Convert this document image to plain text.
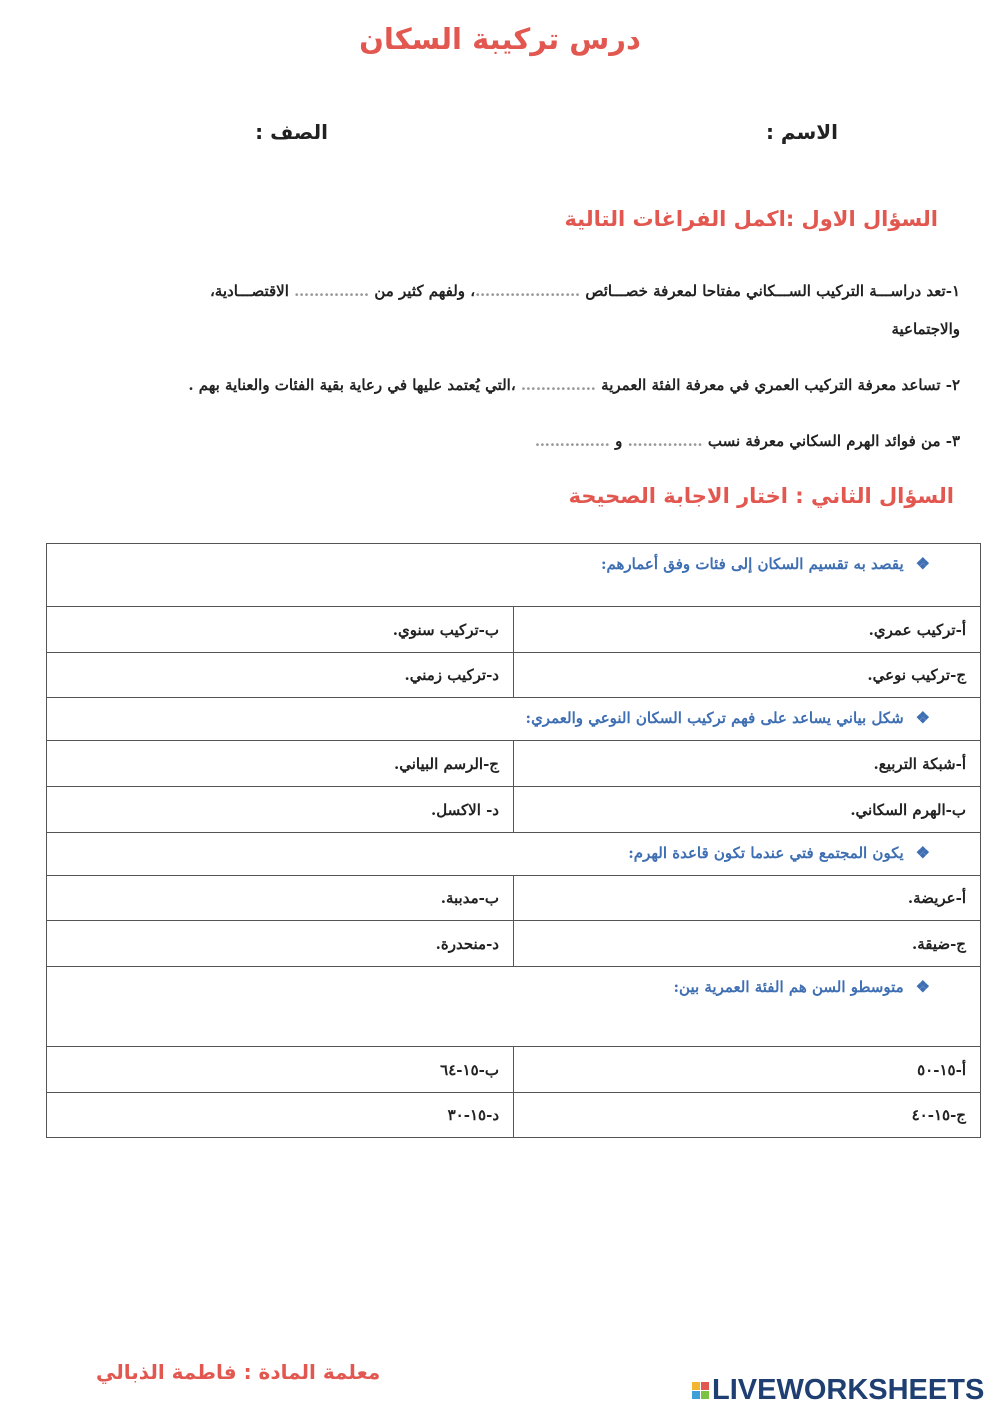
درس تركيبة السكان
الاسم :
الصف :
السؤال الاول :اكمل الفراغات التالية
١-تعد دراســـة التركيب الســـكاني مفتاحا لمعرفة خصـــائص …………………، ولفهم كثير من …………… الاقتصـــادية،
والاجتماعية
٢- تساعد معرفة التركيب العمري في معرفة الفئة العمرية …………… ،التي يُعتمد عليها في رعاية بقية الفئات والعناية بهم .
٣- من فوائد الهرم السكاني معرفة نسب …………… و ……………
السؤال الثاني : اختار الاجابة الصحيحة
❖يقصد به تقسيم السكان إلى فئات وفق أعمارهم:	
أ-تركيب عمري.	ب-تركيب سنوي.
ج-تركيب نوعي.	د-تركيب زمني.
❖شكل بياني يساعد على فهم تركيب السكان النوعي والعمري:	
أ-شبكة التربيع.	ج-الرسم البياني.
ب-الهرم السكاني.	د- الاكسل.
❖يكون المجتمع فتي عندما تكون قاعدة الهرم:	
أ-عريضة.	ب-مدببة.
ج-ضيقة.	د-منحدرة.
❖متوسطو السن هم الفئة العمرية بين:	
أ-١٥-٥٠	ب-١٥-٦٤
ج-١٥-٤٠	د-١٥-٣٠
معلمة المادة : فاطمة الذبالي
LIVEWORKSHEETS
